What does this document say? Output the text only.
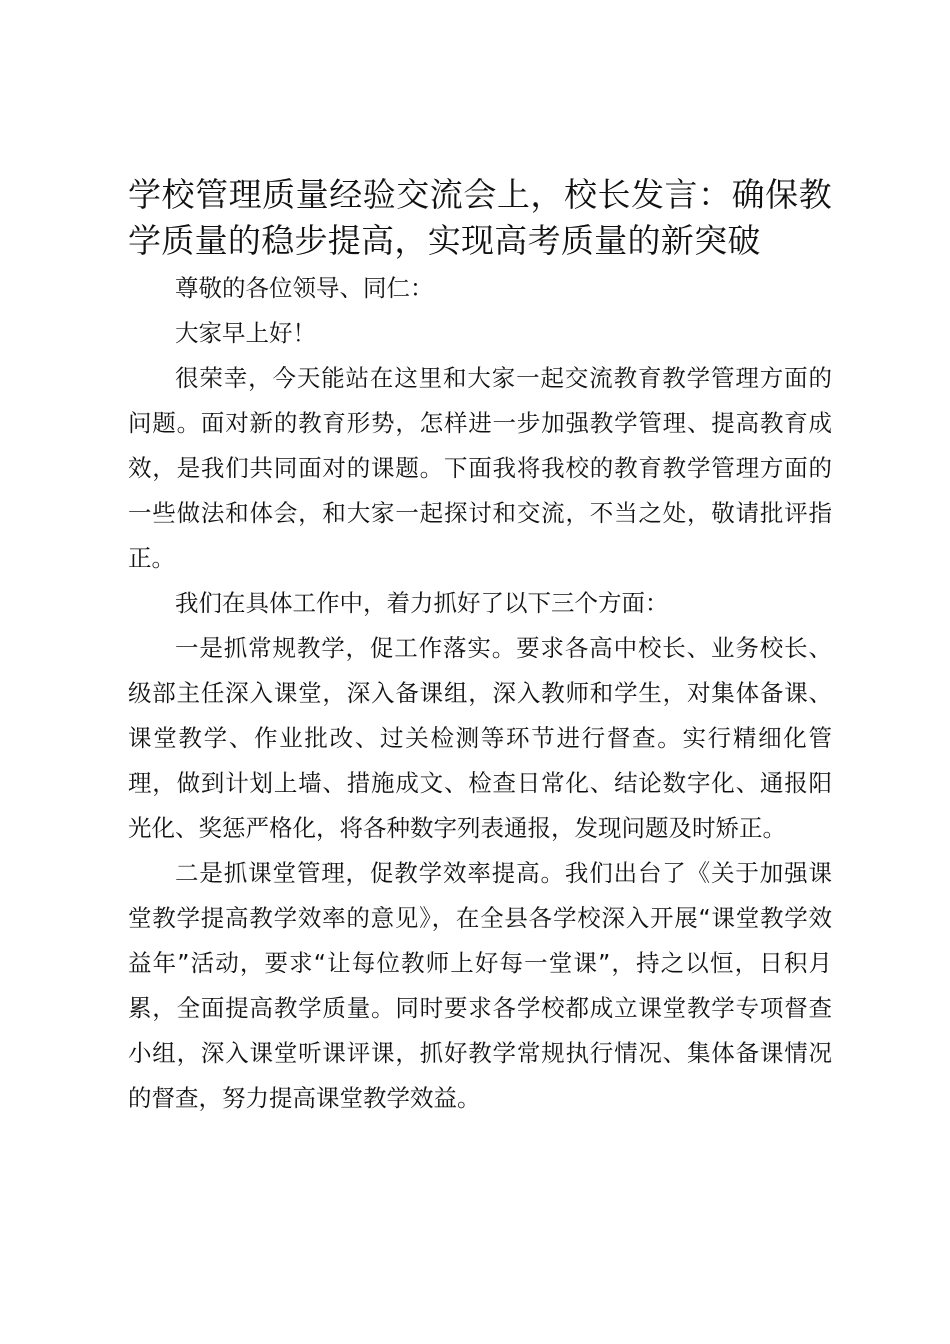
学校管理质量经验交流会上，校长发言：确保教学质量的稳步提高，实现高考质量的新突破

尊敬的各位领导、同仁：

大家早上好！

很荣幸，今天能站在这里和大家一起交流教育教学管理方面的问题。面对新的教育形势，怎样进一步加强教学管理、提高教育成效，是我们共同面对的课题。下面我将我校的教育教学管理方面的一些做法和体会，和大家一起探讨和交流，不当之处，敬请批评指正。

我们在具体工作中，着力抓好了以下三个方面：

一是抓常规教学，促工作落实。要求各高中校长、业务校长、级部主任深入课堂，深入备课组，深入教师和学生，对集体备课、课堂教学、作业批改、过关检测等环节进行督查。实行精细化管理，做到计划上墙、措施成文、检查日常化、结论数字化、通报阳光化、奖惩严格化，将各种数字列表通报，发现问题及时矫正。

二是抓课堂管理，促教学效率提高。我们出台了《关于加强课堂教学提高教学效率的意见》，在全县各学校深入开展“课堂教学效益年”活动，要求“让每位教师上好每一堂课”，持之以恒，日积月累，全面提高教学质量。同时要求各学校都成立课堂教学专项督查小组，深入课堂听课评课，抓好教学常规执行情况、集体备课情况的督查，努力提高课堂教学效益。
